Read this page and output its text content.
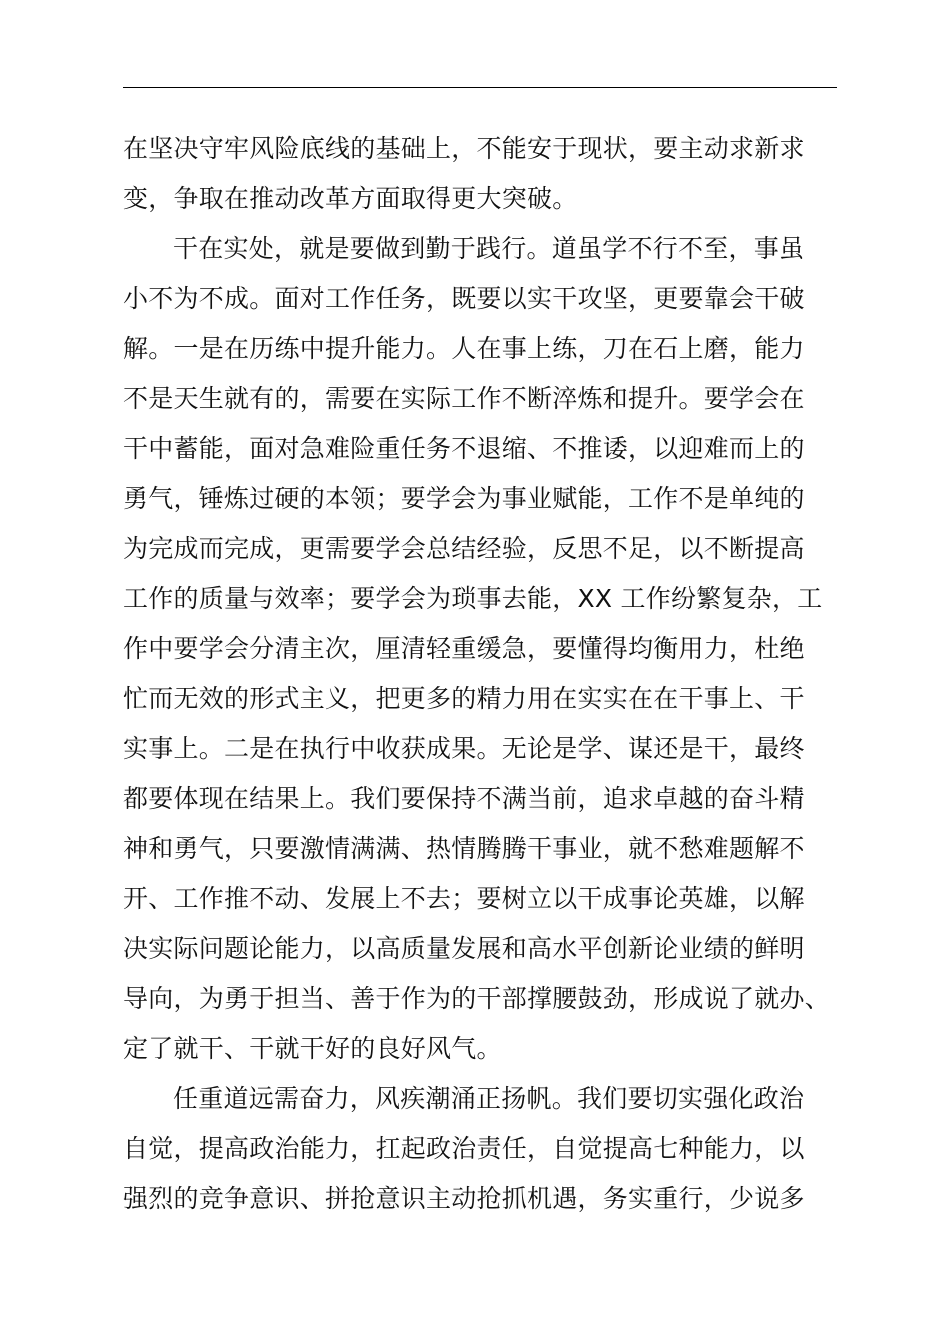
在坚决守牢风险底线的基础上，不能安于现状，要主动求新求
变，争取在推动改革方面取得更大突破。
干在实处，就是要做到勤于践行。道虽学不行不至，事虽
小不为不成。面对工作任务，既要以实干攻坚，更要靠会干破
解。一是在历练中提升能力。人在事上练，刀在石上磨，能力
不是天生就有的，需要在实际工作不断淬炼和提升。要学会在
干中蓄能，面对急难险重任务不退缩、不推诿，以迎难而上的
勇气，锤炼过硬的本领；要学会为事业赋能，工作不是单纯的
为完成而完成，更需要学会总结经验，反思不足，以不断提高
工作的质量与效率；要学会为琐事去能，XX 工作纷繁复杂，工
作中要学会分清主次，厘清轻重缓急，要懂得均衡用力，杜绝
忙而无效的形式主义，把更多的精力用在实实在在干事上、干
实事上。二是在执行中收获成果。无论是学、谋还是干，最终
都要体现在结果上。我们要保持不满当前，追求卓越的奋斗精
神和勇气，只要激情满满、热情腾腾干事业，就不愁难题解不
开、工作推不动、发展上不去；要树立以干成事论英雄，以解
决实际问题论能力，以高质量发展和高水平创新论业绩的鲜明
导向，为勇于担当、善于作为的干部撑腰鼓劲，形成说了就办、
定了就干、干就干好的良好风气。
任重道远需奋力，风疾潮涌正扬帆。我们要切实强化政治
自觉，提高政治能力，扛起政治责任，自觉提高七种能力，以
强烈的竞争意识、拼抢意识主动抢抓机遇，务实重行，少说多
